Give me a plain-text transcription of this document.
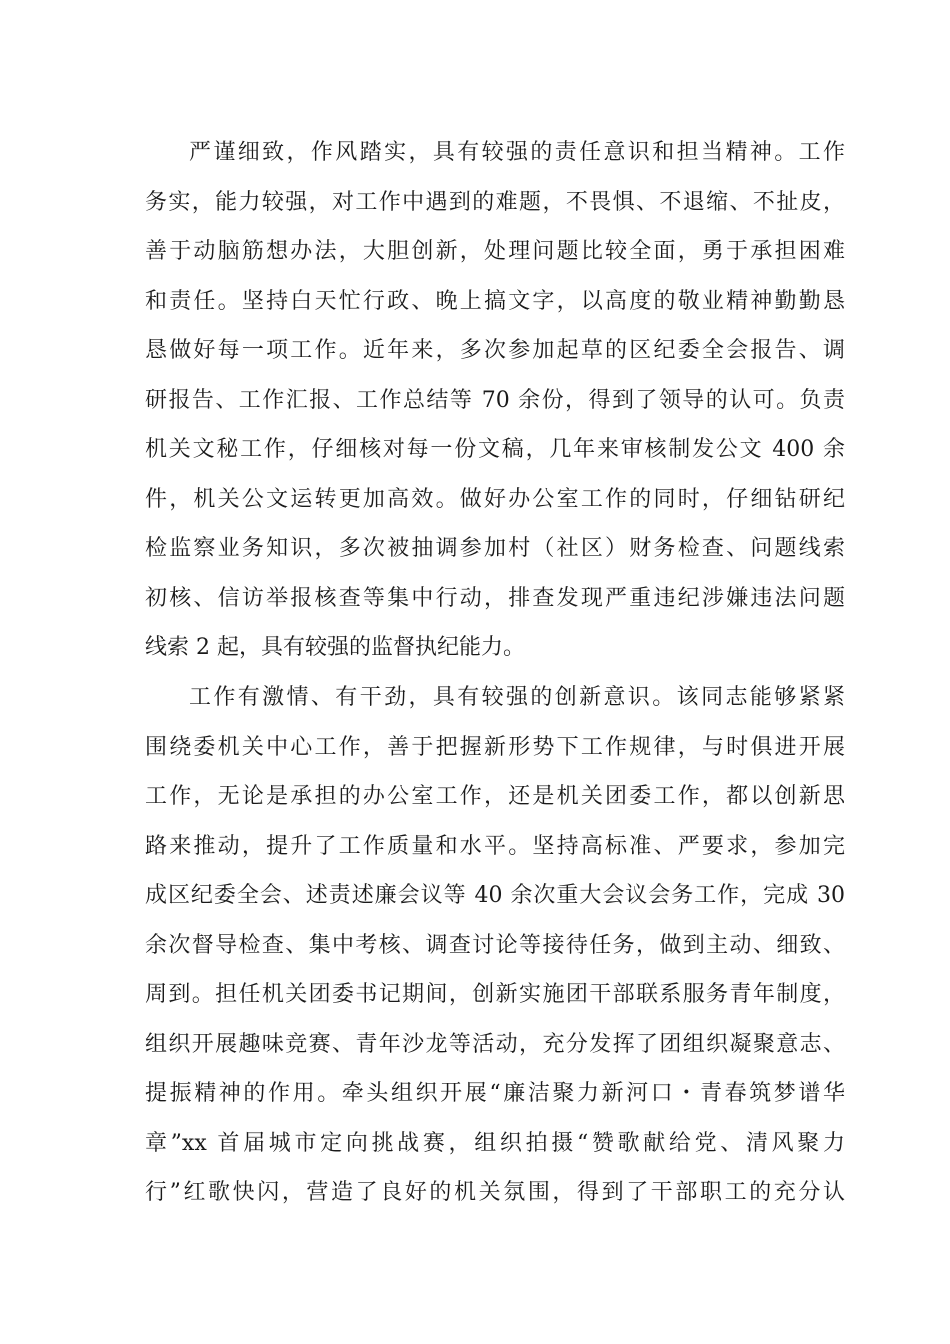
严谨细致，作风踏实，具有较强的责任意识和担当精神。工作
务实，能力较强，对工作中遇到的难题，不畏惧、不退缩、不扯皮，
善于动脑筋想办法，大胆创新，处理问题比较全面，勇于承担困难
和责任。坚持白天忙行政、晚上搞文字，以高度的敬业精神勤勤恳
恳做好每一项工作。近年来，多次参加起草的区纪委全会报告、调
研报告、工作汇报、工作总结等 70 余份，得到了领导的认可。负责
机关文秘工作，仔细核对每一份文稿，几年来审核制发公文 400 余
件，机关公文运转更加高效。做好办公室工作的同时，仔细钻研纪
检监察业务知识，多次被抽调参加村（社区）财务检查、问题线索
初核、信访举报核查等集中行动，排查发现严重违纪涉嫌违法问题
线索 2 起，具有较强的监督执纪能力。
工作有激情、有干劲，具有较强的创新意识。该同志能够紧紧
围绕委机关中心工作，善于把握新形势下工作规律，与时俱进开展
工作，无论是承担的办公室工作，还是机关团委工作，都以创新思
路来推动，提升了工作质量和水平。坚持高标准、严要求，参加完
成区纪委全会、述责述廉会议等 40 余次重大会议会务工作，完成 30
余次督导检查、集中考核、调查讨论等接待任务，做到主动、细致、
周到。担任机关团委书记期间，创新实施团干部联系服务青年制度，
组织开展趣味竞赛、青年沙龙等活动，充分发挥了团组织凝聚意志、
提振精神的作用。牵头组织开展“廉洁聚力新河口・青春筑梦谱华
章”xx 首届城市定向挑战赛，组织拍摄“赞歌献给党、清风聚力
行”红歌快闪，营造了良好的机关氛围，得到了干部职工的充分认
